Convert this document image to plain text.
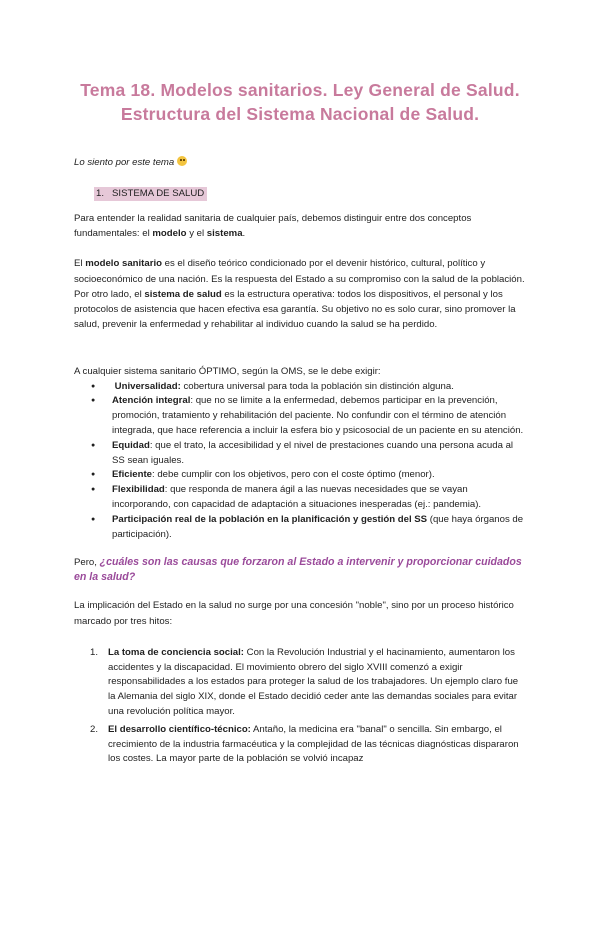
Tema 18. Modelos sanitarios. Ley General de Salud.
Estructura del Sistema Nacional de Salud.
Lo siento por este tema
1. SISTEMA DE SALUD

Para entender la realidad sanitaria de cualquier país, debemos distinguir entre dos conceptos fundamentales: el modelo y el sistema.

El modelo sanitario es el diseño teórico condicionado por el devenir histórico, cultural, político y socioeconómico de una nación. Es la respuesta del Estado a su compromiso con la salud de la población. Por otro lado, el sistema de salud es la estructura operativa: todos los dispositivos, el personal y los protocolos de asistencia que hacen efectiva esa garantía. Su objetivo no es solo curar, sino promover la salud, prevenir la enfermedad y rehabilitar al individuo cuando la salud se ha perdido.

A cualquier sistema sanitario ÓPTIMO, según la OMS, se le debe exigir:

● Universalidad: cobertura universal para toda la población sin distinción alguna.
● Atención integral: que no se limite a la enfermedad, debemos participar en la prevención, promoción, tratamiento y rehabilitación del paciente. No confundir con el término de atención integrada, que hace referencia a incluir la esfera bio y psicosocial de un paciente en su atención.
● Equidad: que el trato, la accesibilidad y el nivel de prestaciones cuando una persona acuda al SS sean iguales.
● Eficiente: debe cumplir con los objetivos, pero con el coste óptimo (menor).
● Flexibilidad: que responda de manera ágil a las nuevas necesidades que se vayan incorporando, con capacidad de adaptación a situaciones inesperadas (ej.: pandemia).
● Participación real de la población en la planificación y gestión del SS (que haya órganos de participación).

Pero, ¿cuáles son las causas que forzaron al Estado a intervenir y proporcionar cuidados en la salud?

La implicación del Estado en la salud no surge por una concesión "noble", sino por un proceso histórico marcado por tres hitos:

1. La toma de conciencia social: Con la Revolución Industrial y el hacinamiento, aumentaron los accidentes y la discapacidad. El movimiento obrero del siglo XVIII comenzó a exigir responsabilidades a los estados para proteger la salud de los trabajadores. Un ejemplo claro fue la Alemania del siglo XIX, donde el Estado decidió ceder ante las demandas sociales para evitar una revolución política mayor.
2. El desarrollo científico-técnico: Antaño, la medicina era "banal" o sencilla. Sin embargo, el crecimiento de la industria farmacéutica y la complejidad de las técnicas diagnósticas dispararon los costes. La mayor parte de la población se volvió incapaz
